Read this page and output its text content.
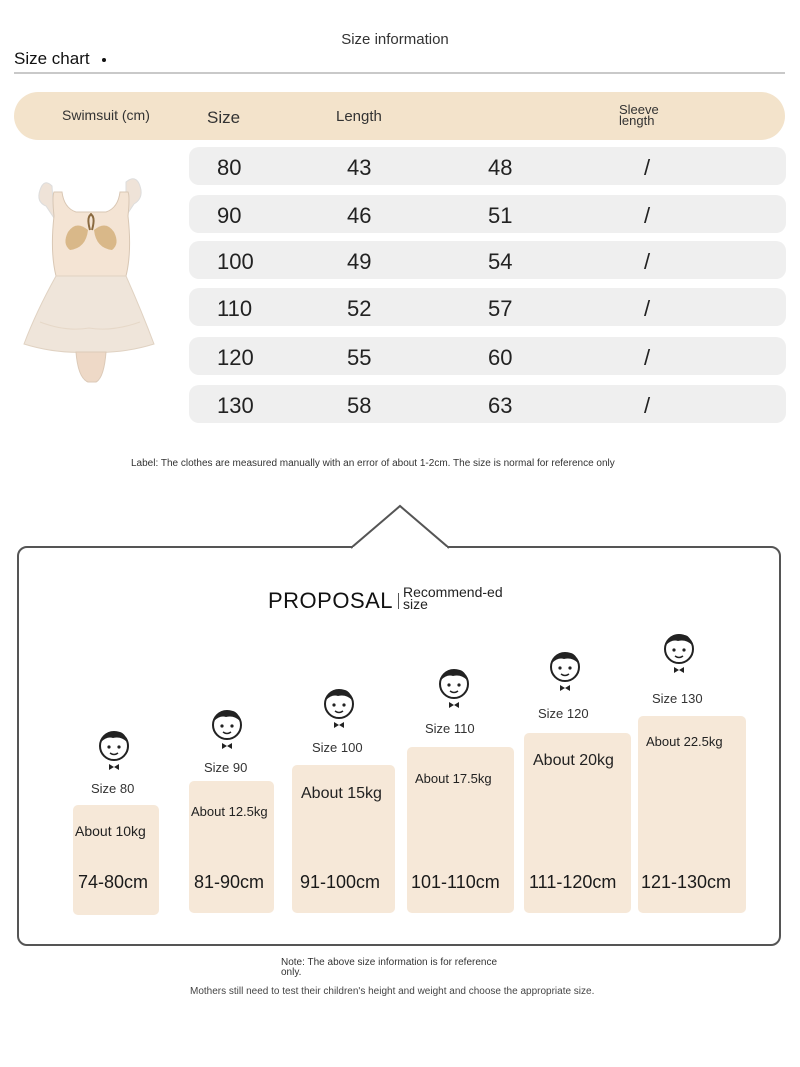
Size information
Size chart
Swimsuit (cm)	Size	Length	Sleeve length
80	43	48	/
90	46	51	/
100	49	54	/
110	52	57	/
120	55	60	/
130	58	63	/
Label: The clothes are measured manually with an error of about 1-2cm. The size is normal for reference only
PROPOSAL Recommend-ed size
Size 80
About 10kg
74-80cm
Size 90
About 12.5kg
81-90cm
Size 100
About 15kg
91-100cm
Size 110
About 17.5kg
101-110cm
Size 120
About 20kg
111-120cm
Size 130
About 22.5kg
121-130cm
Note: The above size information is for reference only.
Mothers still need to test their children's height and weight and choose the appropriate size.
